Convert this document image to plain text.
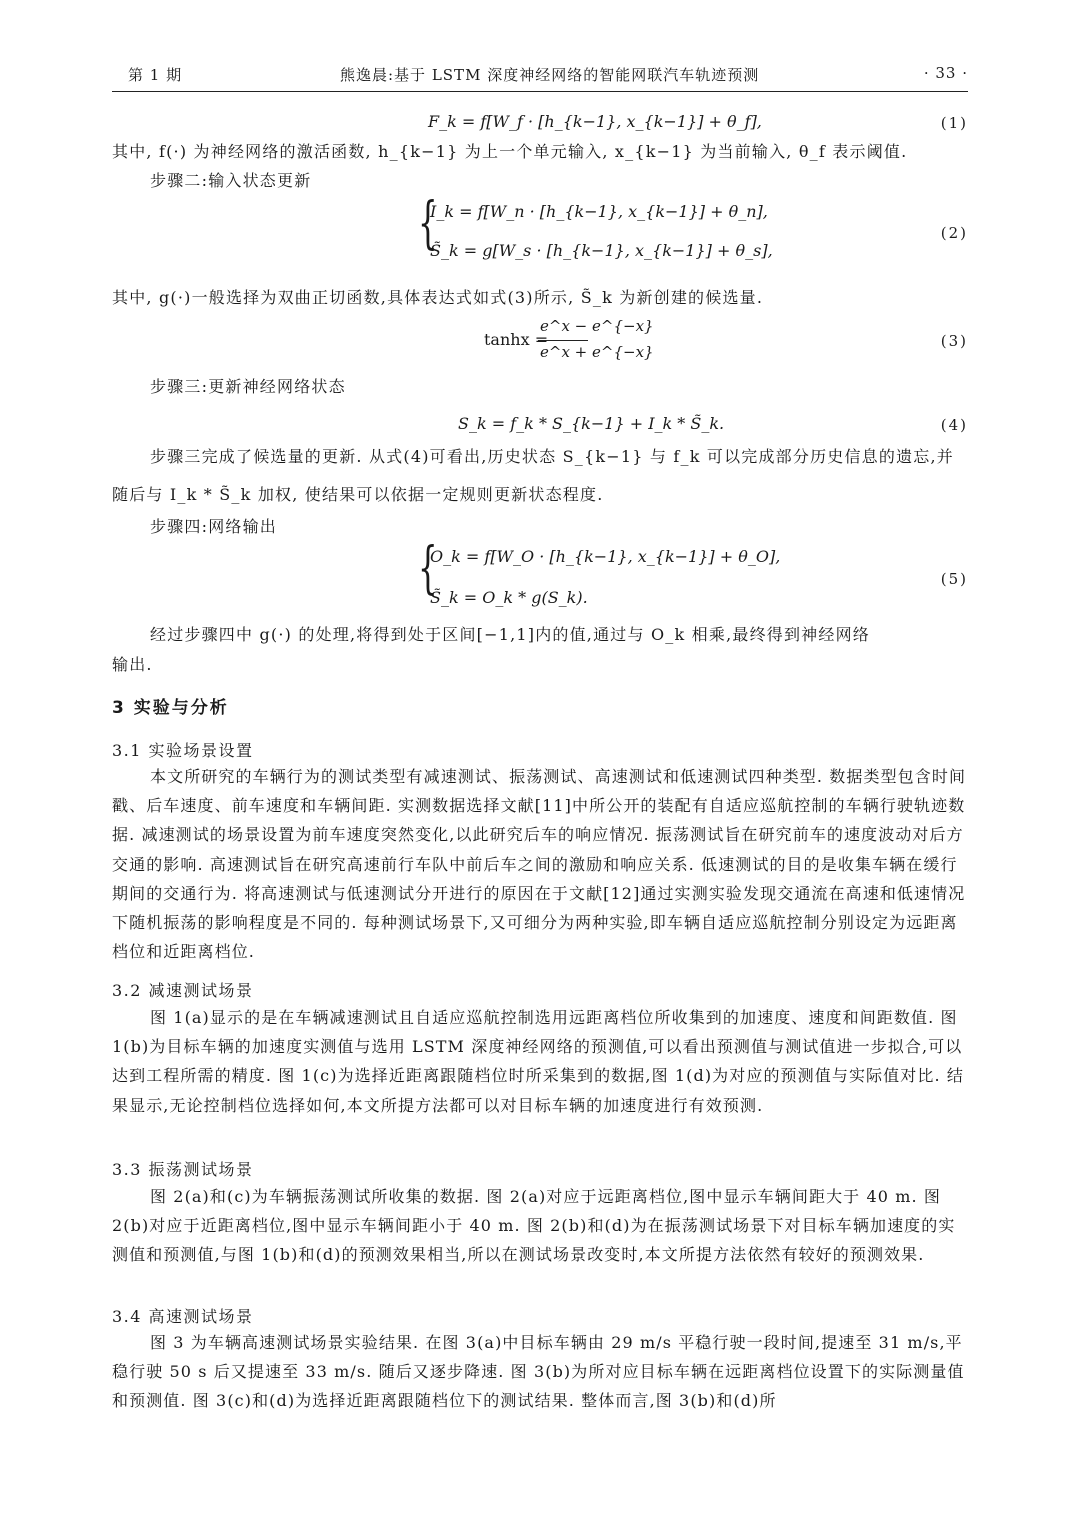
第 1 期	熊逸晨:基于 LSTM 深度神经网络的智能网联汽车轨迹预测	· 33 ·
F_k = f[W_f · [h_{k−1}, x_{k−1}] + θ_f],	(1)
其中, f(·) 为神经网络的激活函数, h_{k−1} 为上一个单元输入, x_{k−1} 为当前输入, θ_f 表示阈值.
步骤二:输入状态更新
{
I_k = f[W_n · [h_{k−1}, x_{k−1}] + θ_n],
S̃_k = g[W_s · [h_{k−1}, x_{k−1}] + θ_s],
(2)
其中, g(·)一般选择为双曲正切函数,具体表达式如式(3)所示, S̃_k 为新创建的候选量.
tanhx =
e^x − e^{−x}
e^x + e^{−x}
(3)
步骤三:更新神经网络状态
S_k = f_k * S_{k−1} + I_k * S̃_k.	(4)
步骤三完成了候选量的更新. 从式(4)可看出,历史状态 S_{k−1} 与 f_k 可以完成部分历史信息的遗忘,并
随后与 I_k * S̃_k 加权, 使结果可以依据一定规则更新状态程度.
步骤四:网络输出
{
O_k = f[W_O · [h_{k−1}, x_{k−1}] + θ_O],
S̃_k = O_k * g(S_k).
(5)
经过步骤四中 g(·) 的处理,将得到处于区间[−1,1]内的值,通过与 O_k 相乘,最终得到神经网络
输出.
3 实验与分析
3.1 实验场景设置
本文所研究的车辆行为的测试类型有减速测试、振荡测试、高速测试和低速测试四种类型. 数据类型包含时间戳、后车速度、前车速度和车辆间距. 实测数据选择文献[11]中所公开的装配有自适应巡航控制的车辆行驶轨迹数据. 减速测试的场景设置为前车速度突然变化,以此研究后车的响应情况. 振荡测试旨在研究前车的速度波动对后方交通的影响. 高速测试旨在研究高速前行车队中前后车之间的激励和响应关系. 低速测试的目的是收集车辆在缓行期间的交通行为. 将高速测试与低速测试分开进行的原因在于文献[12]通过实测实验发现交通流在高速和低速情况下随机振荡的影响程度是不同的. 每种测试场景下,又可细分为两种实验,即车辆自适应巡航控制分别设定为远距离档位和近距离档位.
3.2 减速测试场景
图 1(a)显示的是在车辆减速测试且自适应巡航控制选用远距离档位所收集到的加速度、速度和间距数值. 图 1(b)为目标车辆的加速度实测值与选用 LSTM 深度神经网络的预测值,可以看出预测值与测试值进一步拟合,可以达到工程所需的精度. 图 1(c)为选择近距离跟随档位时所采集到的数据,图 1(d)为对应的预测值与实际值对比. 结果显示,无论控制档位选择如何,本文所提方法都可以对目标车辆的加速度进行有效预测.
3.3 振荡测试场景
图 2(a)和(c)为车辆振荡测试所收集的数据. 图 2(a)对应于远距离档位,图中显示车辆间距大于 40 m. 图 2(b)对应于近距离档位,图中显示车辆间距小于 40 m. 图 2(b)和(d)为在振荡测试场景下对目标车辆加速度的实测值和预测值,与图 1(b)和(d)的预测效果相当,所以在测试场景改变时,本文所提方法依然有较好的预测效果.
3.4 高速测试场景
图 3 为车辆高速测试场景实验结果. 在图 3(a)中目标车辆由 29 m/s 平稳行驶一段时间,提速至 31 m/s,平稳行驶 50 s 后又提速至 33 m/s. 随后又逐步降速. 图 3(b)为所对应目标车辆在远距离档位设置下的实际测量值和预测值. 图 3(c)和(d)为选择近距离跟随档位下的测试结果. 整体而言,图 3(b)和(d)所
